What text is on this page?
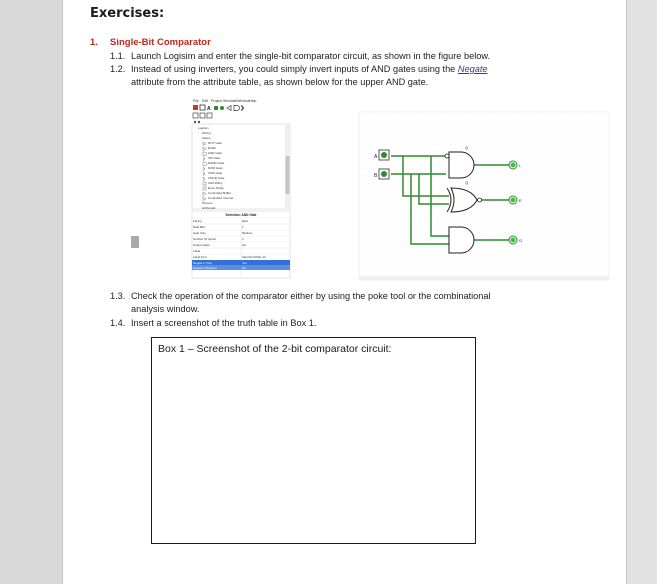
Exercises:
1. Single-Bit Comparator
1.1. Launch Logisim and enter the single-bit comparator circuit, as shown in the figure below.
1.2. Instead of using inverters, you could simply invert inputs of AND gates using the Negate
attribute from the attribute table, as shown below for the upper AND gate.
File Edit Project Simulate Window Help
A
Logisim
Wiring
Gates
NOT Gate
Buffer
AND Gate
OR Gate
NAND Gate
NOR Gate
XOR Gate
XNOR Gate
Odd Parity
Even Parity
Controlled Buffer
Controlled Inverter
Plexers
Arithmetic
Selection: AND Gate
Facing	East
Data Bits	1
Gate Size	Medium
Number Of Inputs	2
Output Value	0/1
Label
Label Font	SansSerif Plain 12
Negate 1 (Top)	Yes
Negate 2 (Bottom)	No
A
B
Q
Q
L
E
G
1.3. Check the operation of the comparator either by using the poke tool or the combinational
analysis window.
1.4. Insert a screenshot of the truth table in Box 1.
Box 1 – Screenshot of the 2-bit comparator circuit:
